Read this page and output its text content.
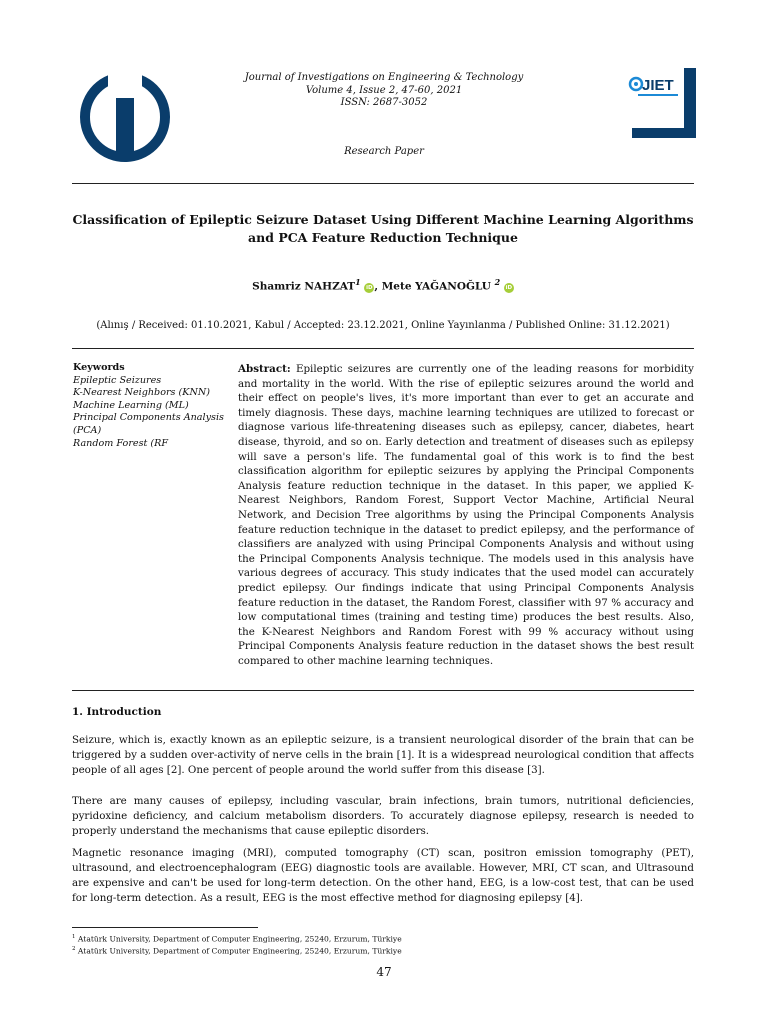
Journal of Investigations on Engineering & Technology
Volume 4, Issue 2, 47-60, 2021
ISSN: 2687-3052
Research Paper
JIET
Classification of Epileptic Seizure Dataset Using Different Machine Learning Algorithms
and PCA Feature Reduction Technique
Shamriz NAHZAT$^1$ iD , Mete YAĞANOĞLU $^2$ iD
(Alınış / Received: 01.10.2021, Kabul / Accepted: 23.12.2021, Online Yayınlanma / Published Online: 31.12.2021)
Keywords
Epileptic Seizures
K-Nearest Neighbors (KNN)
Machine Learning (ML)
Principal Components Analysis (PCA)
Random Forest (RF
Abstract: Epileptic seizures are currently one of the leading reasons for morbidity and mortality in the world. With the rise of epileptic seizures around the world and their effect on people's lives, it's more important than ever to get an accurate and timely diagnosis. These days, machine learning techniques are utilized to forecast or diagnose various life-threatening diseases such as epilepsy, cancer, diabetes, heart disease, thyroid, and so on. Early detection and treatment of diseases such as epilepsy will save a person's life. The fundamental goal of this work is to find the best classification algorithm for epileptic seizures by applying the Principal Components Analysis feature reduction technique in the dataset. In this paper, we applied K-Nearest Neighbors, Random Forest, Support Vector Machine, Artificial Neural Network, and Decision Tree algorithms by using the Principal Components Analysis feature reduction technique in the dataset to predict epilepsy, and the performance of classifiers are analyzed with using Principal Components Analysis and without using the Principal Components Analysis technique. The models used in this analysis have various degrees of accuracy. This study indicates that the used model can accurately predict epilepsy. Our findings indicate that using Principal Components Analysis feature reduction in the dataset, the Random Forest, classifier with 97 % accuracy and low computational times (training and testing time) produces the best results. Also, the K-Nearest Neighbors and Random Forest with 99 % accuracy without using Principal Components Analysis feature reduction in the dataset shows the best result compared to other machine learning techniques.
1. Introduction
Seizure, which is, exactly known as an epileptic seizure, is a transient neurological disorder of the brain that can be triggered by a sudden over-activity of nerve cells in the brain [1]. It is a widespread neurological condition that affects people of all ages [2]. One percent of people around the world suffer from this disease [3].
There are many causes of epilepsy, including vascular, brain infections, brain tumors, nutritional deficiencies, pyridoxine deficiency, and calcium metabolism disorders. To accurately diagnose epilepsy, research is needed to properly understand the mechanisms that cause epileptic disorders.
Magnetic resonance imaging (MRI), computed tomography (CT) scan, positron emission tomography (PET), ultrasound, and electroencephalogram (EEG) diagnostic tools are available. However, MRI, CT scan, and Ultrasound are expensive and can't be used for long-term detection. On the other hand, EEG, is a low-cost test, that can be used for long-term detection. As a result, EEG is the most effective method for diagnosing epilepsy [4].
$^1$ Atatürk University, Department of Computer Engineering, 25240, Erzurum, Türkiye
$^2$ Atatürk University, Department of Computer Engineering, 25240, Erzurum, Türkiye
47
